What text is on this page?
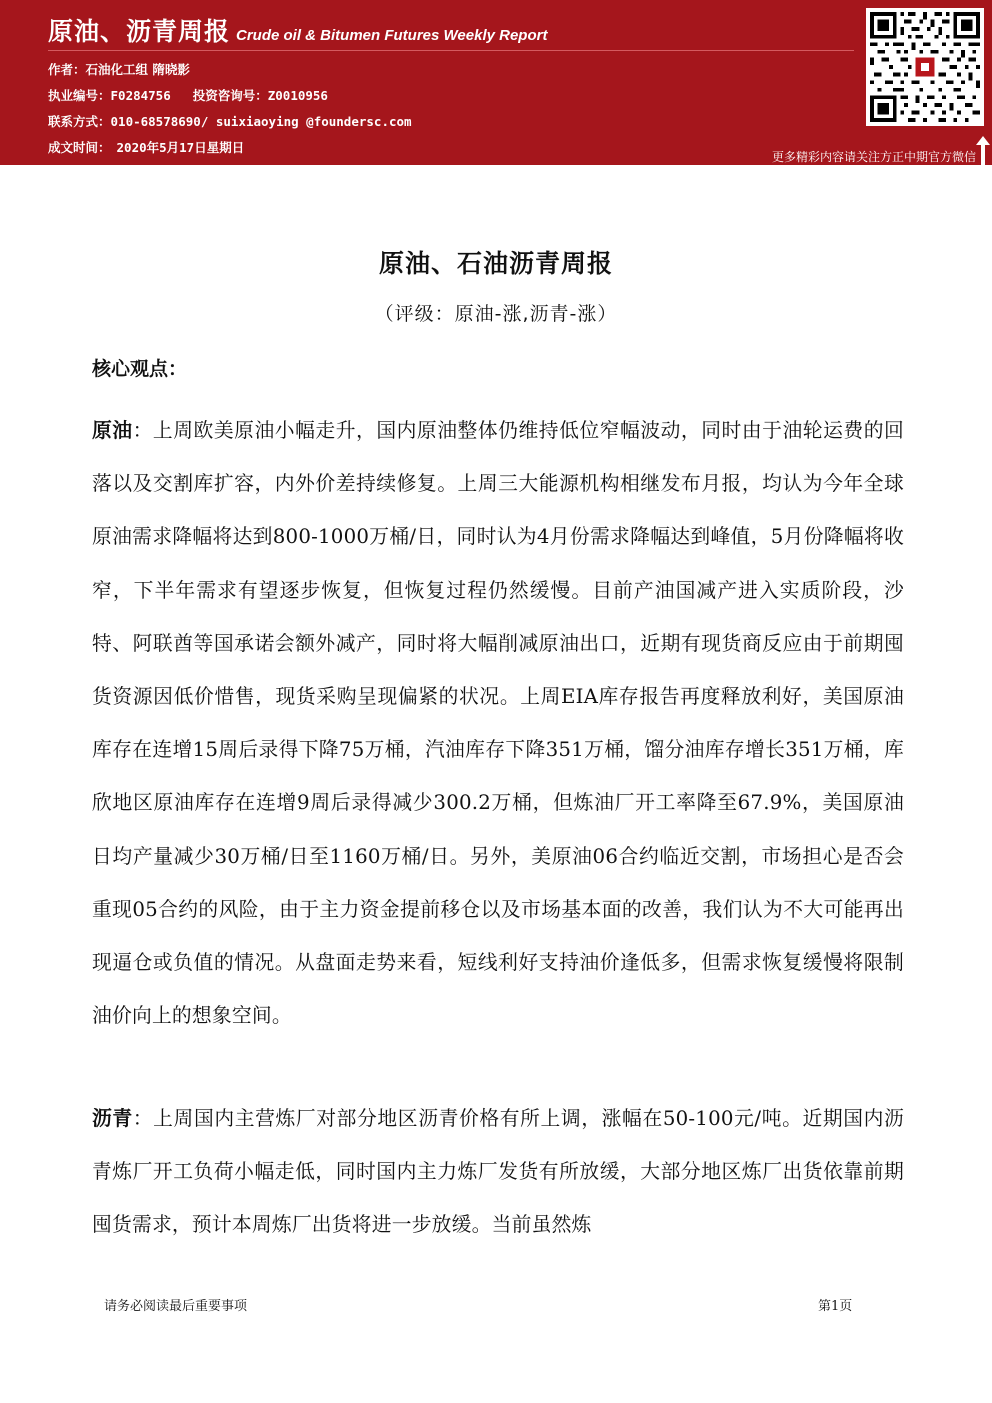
原油、沥青周报 Crude oil & Bitumen Futures Weekly Report
作者：石油化工组 隋晓影
执业编号：F0284756 投资咨询号：Z0010956
联系方式：010-68578690/ suixiaoying @foundersc.com
成文时间： 2020年5月17日星期日
更多精彩内容请关注方正中期官方微信
原油、石油沥青周报
（评级：原油-涨,沥青-涨）
核心观点：
原油：上周欧美原油小幅走升，国内原油整体仍维持低位窄幅波动，同时由于油轮运费的回落以及交割库扩容，内外价差持续修复。上周三大能源机构相继发布月报，均认为今年全球原油需求降幅将达到800-1000万桶/日，同时认为4月份需求降幅达到峰值，5月份降幅将收窄，下半年需求有望逐步恢复，但恢复过程仍然缓慢。目前产油国减产进入实质阶段，沙特、阿联酋等国承诺会额外减产，同时将大幅削减原油出口，近期有现货商反应由于前期囤货资源因低价惜售，现货采购呈现偏紧的状况。上周EIA库存报告再度释放利好，美国原油库存在连增15周后录得下降75万桶，汽油库存下降351万桶，馏分油库存增长351万桶，库欣地区原油库存在连增9周后录得减少300.2万桶，但炼油厂开工率降至67.9%，美国原油日均产量减少30万桶/日至1160万桶/日。另外，美原油06合约临近交割，市场担心是否会重现05合约的风险，由于主力资金提前移仓以及市场基本面的改善，我们认为不大可能再出现逼仓或负值的情况。从盘面走势来看，短线利好支持油价逢低多，但需求恢复缓慢将限制油价向上的想象空间。
沥青：上周国内主营炼厂对部分地区沥青价格有所上调，涨幅在50-100元/吨。近期国内沥青炼厂开工负荷小幅走低，同时国内主力炼厂发货有所放缓，大部分地区炼厂出货依靠前期囤货需求，预计本周炼厂出货将进一步放缓。当前虽然炼
请务必阅读最后重要事项	第1页
